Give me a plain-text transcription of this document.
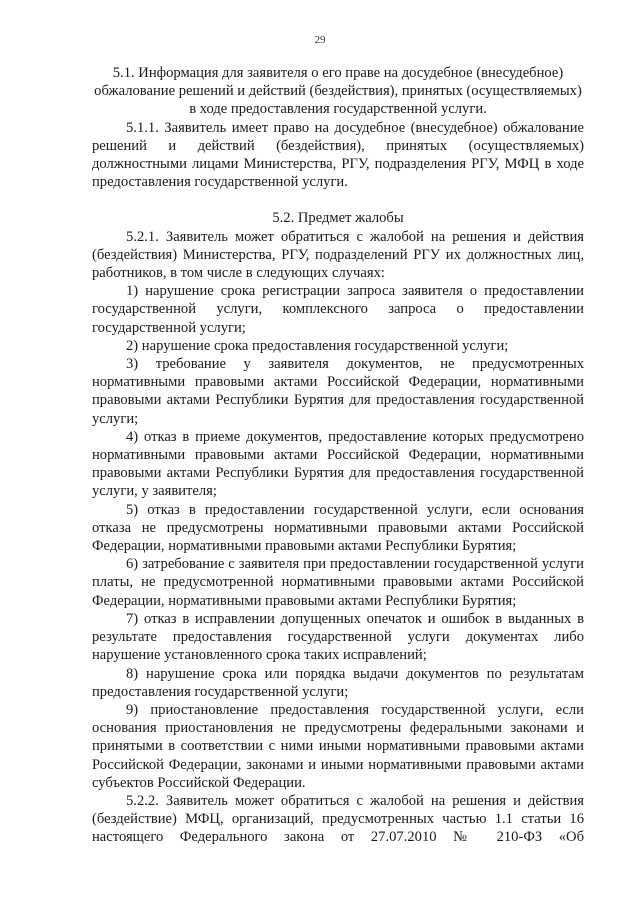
29
5.1. Информация для заявителя о его праве на досудебное (внесудебное) обжалование решений и действий (бездействия), принятых (осуществляемых) в ходе предоставления государственной услуги.

5.1.1. Заявитель имеет право на досудебное (внесудебное) обжалование решений и действий (бездействия), принятых (осуществляемых) должностными лицами Министерства, РГУ, подразделения РГУ, МФЦ в ходе предоставления государственной услуги.

5.2. Предмет жалобы

5.2.1. Заявитель может обратиться с жалобой на решения и действия (бездействия) Министерства, РГУ, подразделений РГУ их должностных лиц, работников, в том числе в следующих случаях:

1) нарушение срока регистрации запроса заявителя о предоставлении государственной услуги, комплексного запроса о предоставлении государственной услуги;

2) нарушение срока предоставления государственной услуги;

3) требование у заявителя документов, не предусмотренных нормативными правовыми актами Российской Федерации, нормативными правовыми актами Республики Бурятия для предоставления государственной услуги;

4) отказ в приеме документов, предоставление которых предусмотрено нормативными правовыми актами Российской Федерации, нормативными правовыми актами Республики Бурятия для предоставления государственной услуги, у заявителя;

5) отказ в предоставлении государственной услуги, если основания отказа не предусмотрены нормативными правовыми актами Российской Федерации, нормативными правовыми актами Республики Бурятия;

6) затребование с заявителя при предоставлении государственной услуги платы, не предусмотренной нормативными правовыми актами Российской Федерации, нормативными правовыми актами Республики Бурятия;

7) отказ в исправлении допущенных опечаток и ошибок в выданных в результате предоставления государственной услуги документах либо нарушение установленного срока таких исправлений;

8) нарушение срока или порядка выдачи документов по результатам предоставления государственной услуги;

9) приостановление предоставления государственной услуги, если основания приостановления не предусмотрены федеральными законами и принятыми в соответствии с ними иными нормативными правовыми актами Российской Федерации, законами и иными нормативными правовыми актами субъектов Российской Федерации.

5.2.2. Заявитель может обратиться с жалобой на решения и действия (бездействие) МФЦ, организаций, предусмотренных частью 1.1 статьи 16 настоящего Федерального закона от 27.07.2010 № 210-ФЗ «Об
